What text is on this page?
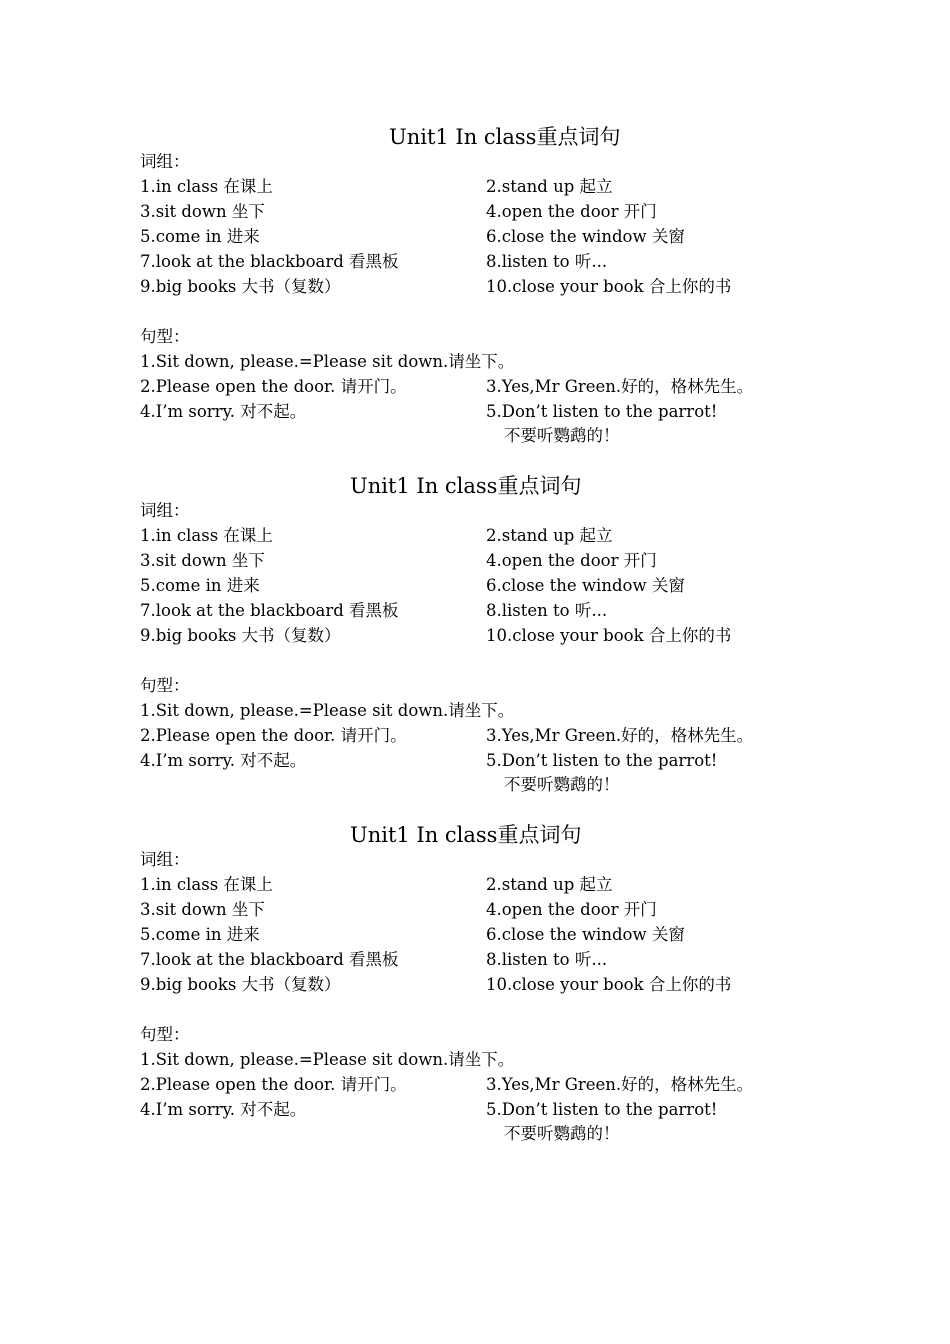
Unit1 In class重点词句
词组：
1.in class 在课上	2.stand up 起立
3.sit down 坐下	4.open the door 开门
5.come in 进来	6.close the window 关窗
7.look at the blackboard 看黑板	8.listen to 听...
9.big books 大书（复数）	10.close your book 合上你的书
句型：
1.Sit down, please.=Please sit down.请坐下。
2.Please open the door. 请开门。	3.Yes,Mr Green.好的，格林先生。
4.I’m sorry. 对不起。	5.Don’t listen to the parrot!
不要听鹦鹉的！
Unit1 In class重点词句
词组：
1.in class 在课上	2.stand up 起立
3.sit down 坐下	4.open the door 开门
5.come in 进来	6.close the window 关窗
7.look at the blackboard 看黑板	8.listen to 听...
9.big books 大书（复数）	10.close your book 合上你的书
句型：
1.Sit down, please.=Please sit down.请坐下。
2.Please open the door. 请开门。	3.Yes,Mr Green.好的，格林先生。
4.I’m sorry. 对不起。	5.Don’t listen to the parrot!
不要听鹦鹉的！
Unit1 In class重点词句
词组：
1.in class 在课上	2.stand up 起立
3.sit down 坐下	4.open the door 开门
5.come in 进来	6.close the window 关窗
7.look at the blackboard 看黑板	8.listen to 听...
9.big books 大书（复数）	10.close your book 合上你的书
句型：
1.Sit down, please.=Please sit down.请坐下。
2.Please open the door. 请开门。	3.Yes,Mr Green.好的，格林先生。
4.I’m sorry. 对不起。	5.Don’t listen to the parrot!
不要听鹦鹉的！
